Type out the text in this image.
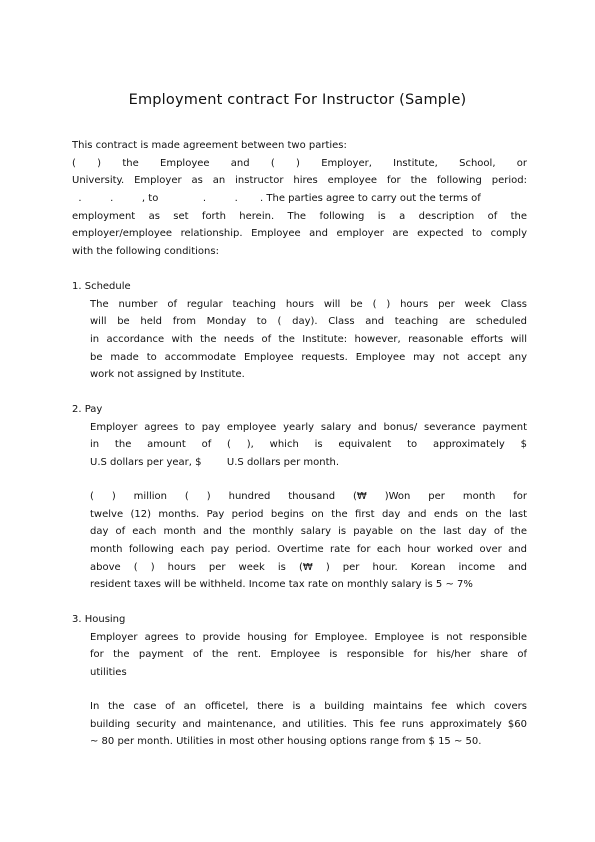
Employment contract For Instructor (Sample)
This contract is made agreement between two parties:
( ) the Employee and ( ) Employer, Institute, School, or
University. Employer as an instructor hires employee for the following period:
.         .         , to              .         .       . The parties agree to carry out the terms of
employment as set forth herein. The following is a description of the
employer/employee relationship. Employee and employer are expected to comply
with the following conditions:
1. Schedule
The number of regular teaching hours will be ( ) hours per week Class
will be held from Monday to ( day). Class and teaching are scheduled
in accordance with the needs of the Institute: however, reasonable efforts will
be made to accommodate Employee requests. Employee may not accept any
work not assigned by Institute.
2. Pay
Employer agrees to pay employee yearly salary and bonus/ severance payment
in the amount of ( ), which is equivalent to approximately $
U.S dollars per year, $        U.S dollars per month.
( ) million ( ) hundred thousand (₩ )Won per month for
twelve (12) months. Pay period begins on the first day and ends on the last
day of each month and the monthly salary is payable on the last day of the
month following each pay period. Overtime rate for each hour worked over and
above ( ) hours per week is (₩ ) per hour. Korean income and
resident taxes will be withheld. Income tax rate on monthly salary is 5 ~ 7%
3. Housing
Employer agrees to provide housing for Employee. Employee is not responsible
for the payment of the rent. Employee is responsible for his/her share of
utilities
In the case of an officetel, there is a building maintains fee which covers
building security and maintenance, and utilities. This fee runs approximately $60
~ 80 per month. Utilities in most other housing options range from $ 15 ~ 50.
